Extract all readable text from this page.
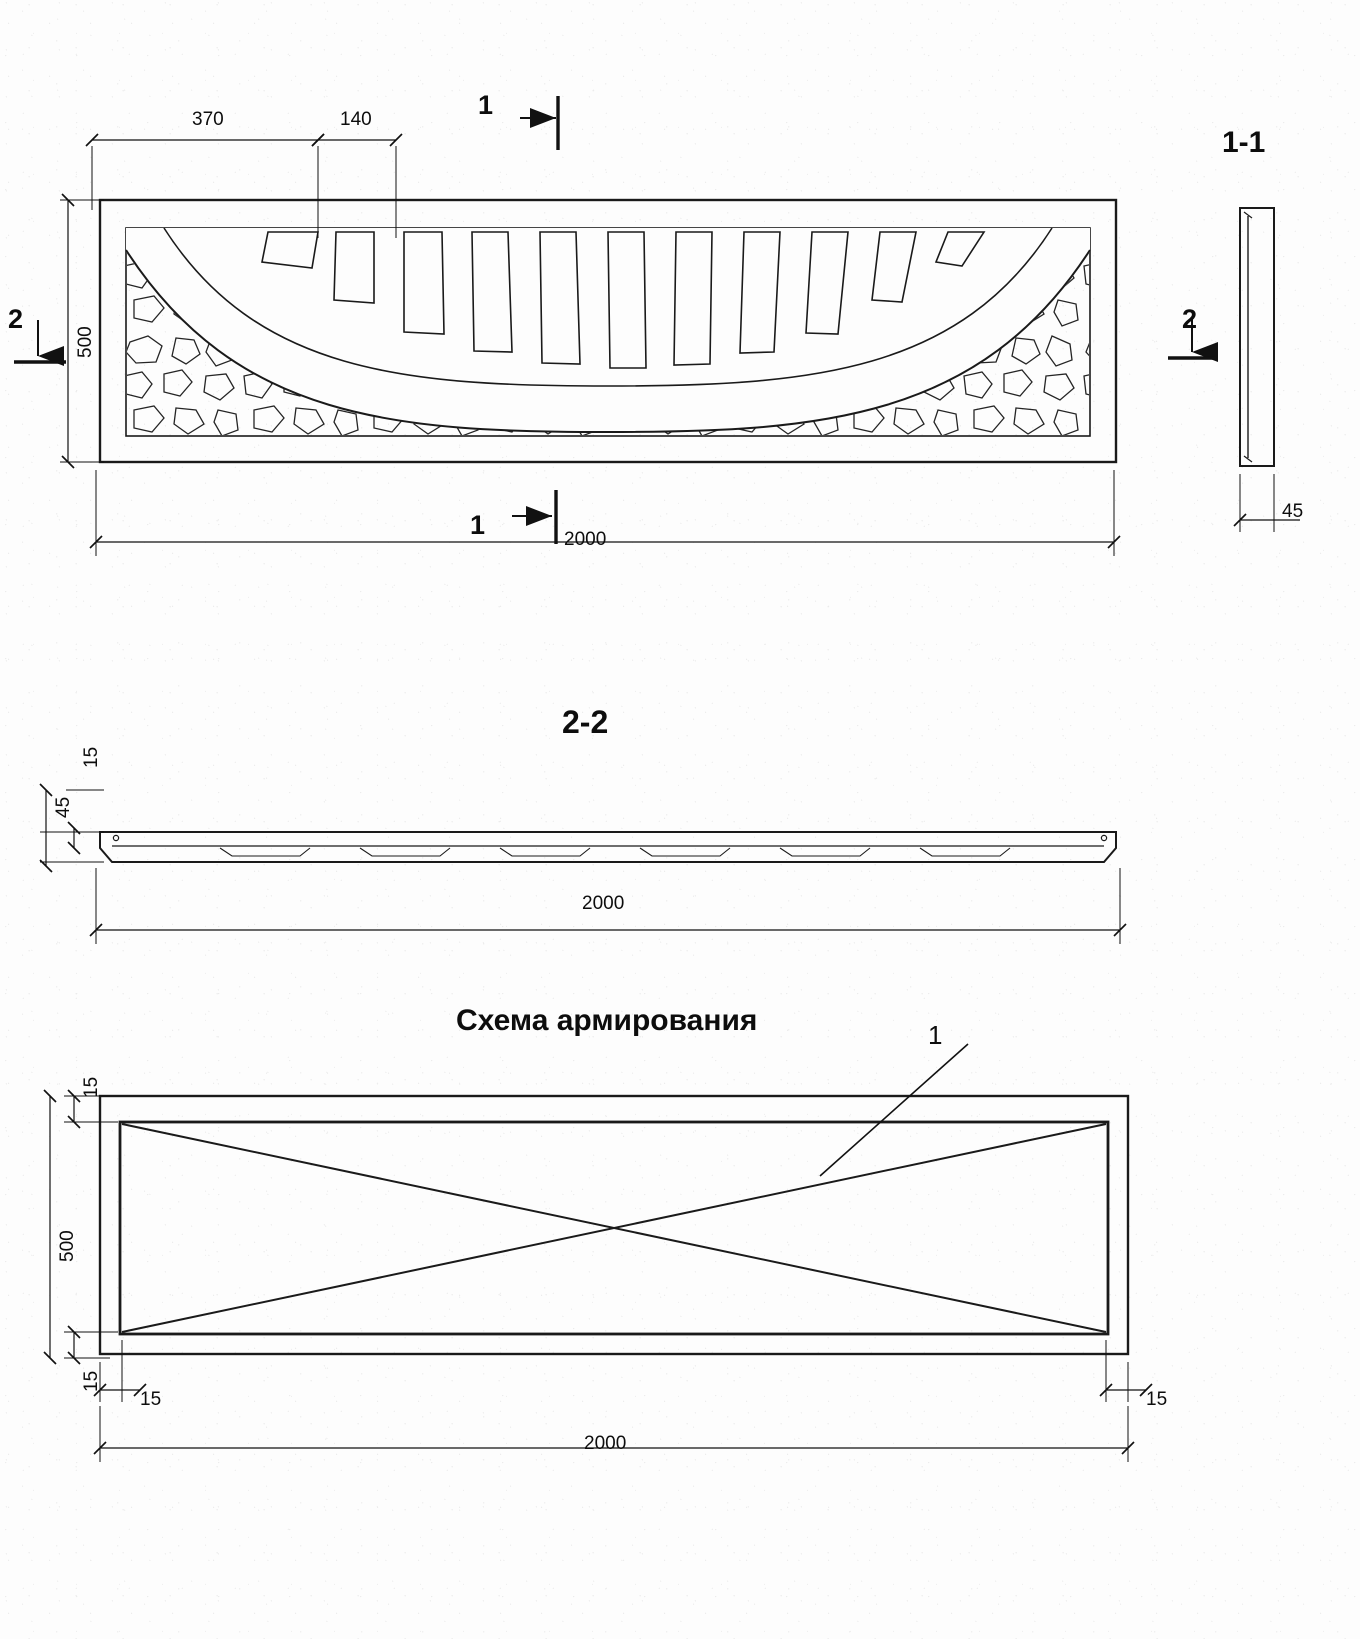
370	140	1
1
2
500
2000
1-1
2
45
2-2
15
45
2000
Схема армирования	1
15
15
500
15	15
2000
